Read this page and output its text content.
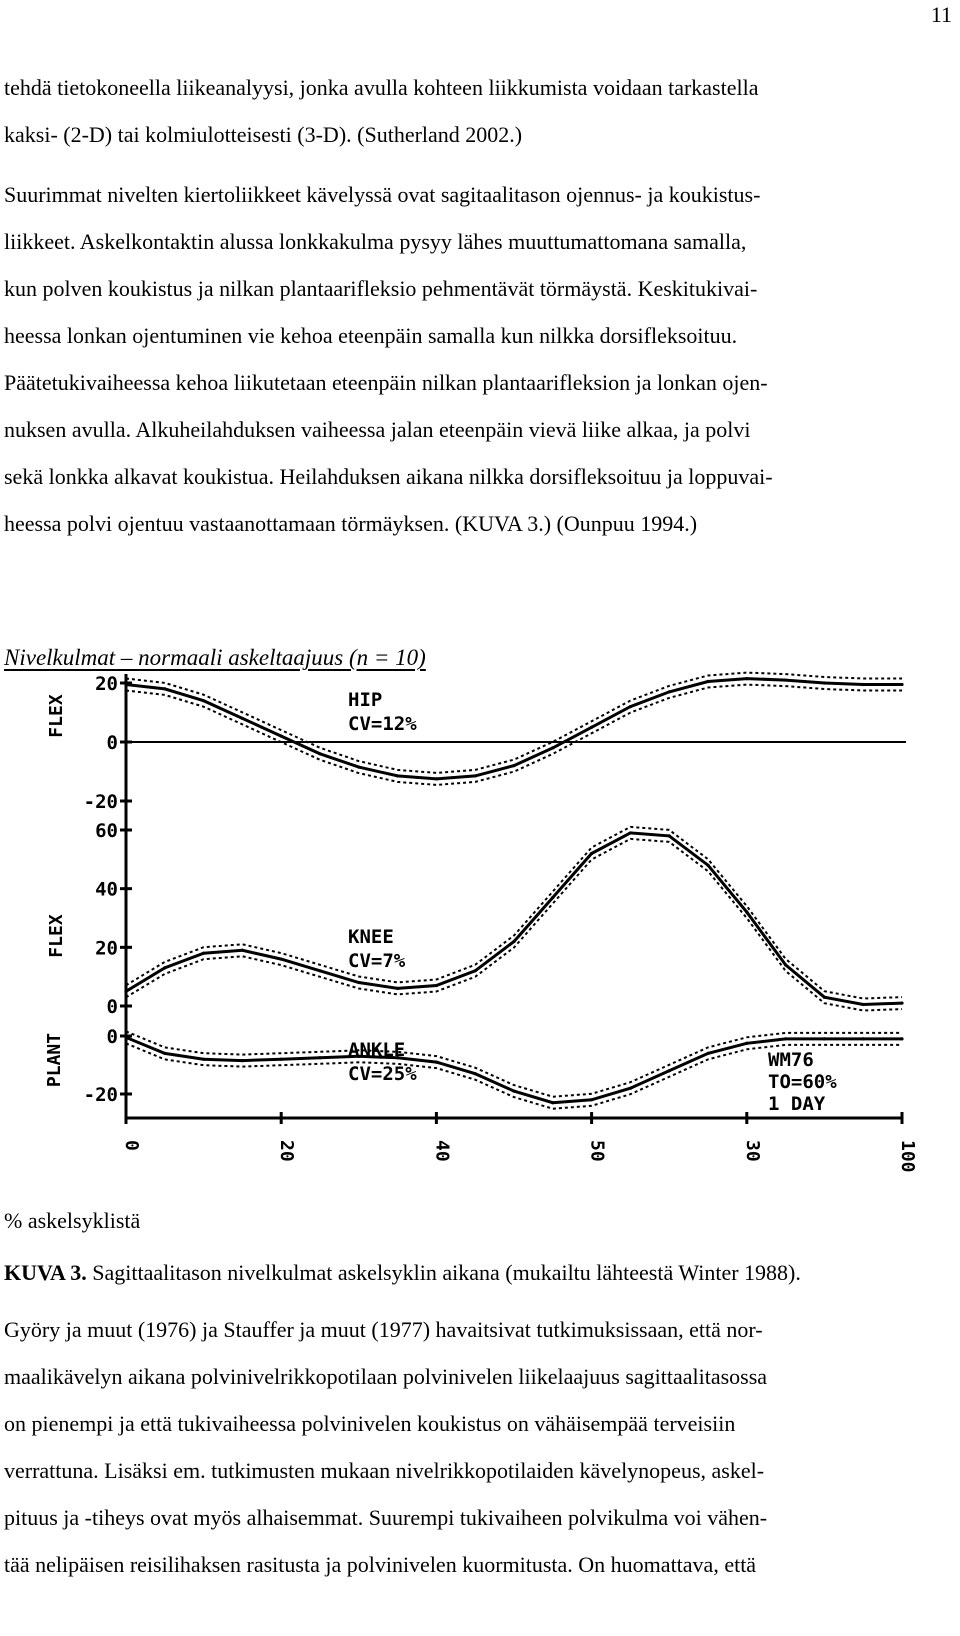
11
tehdä tietokoneella liikeanalyysi, jonka avulla kohteen liikkumista voidaan tarkastella
kaksi- (2-D) tai kolmiulotteisesti (3-D). (Sutherland 2002.)
Suurimmat nivelten kiertoliikkeet kävelyssä ovat sagitaalitason ojennus- ja koukistus-
liikkeet. Askelkontaktin alussa lonkkakulma pysyy lähes muuttumattomana samalla,
kun polven koukistus ja nilkan plantaarifleksio pehmentävät törmäystä. Keskitukivai-
heessa lonkan ojentuminen vie kehoa eteenpäin samalla kun nilkka dorsifleksoituu.
Päätetukivaiheessa kehoa liikutetaan eteenpäin nilkan plantaarifleksion ja lonkan ojen-
nuksen avulla. Alkuheilahduksen vaiheessa jalan eteenpäin vievä liike alkaa, ja polvi
sekä lonkka alkavat koukistua. Heilahduksen aikana nilkka dorsifleksoituu ja loppuvai-
heessa polvi ojentuu vastaanottamaan törmäyksen. (KUVA 3.) (Ounpuu 1994.)
Nivelkulmat – normaali askeltaajuus (n = 10)
20
0
-20
FLEX	HIP
CV=12%
60
40
20
0
FLEX	KNEE
CV=7%
0
-20
PLANT	ANKLE
CV=25%
0	20	40	50	30	100
WM76
TO=60%
1 DAY
% askelsyklistä

KUVA 3. Sagittaalitason nivelkulmat askelsyklin aikana (mukailtu lähteestä Winter 1988).

Györy ja muut (1976) ja Stauffer ja muut (1977) havaitsivat tutkimuksissaan, että nor-
maalikävelyn aikana polvinivelrikkopotilaan polvinivelen liikelaajuus sagittaalitasossa
on pienempi ja että tukivaiheessa polvinivelen koukistus on vähäisempää terveisiin
verrattuna. Lisäksi em. tutkimusten mukaan nivelrikkopotilaiden kävelynopeus, askel-
pituus ja -tiheys ovat myös alhaisemmat. Suurempi tukivaiheen polvikulma voi vähen-
tää nelipäisen reisilihaksen rasitusta ja polvinivelen kuormitusta. On huomattava, että
